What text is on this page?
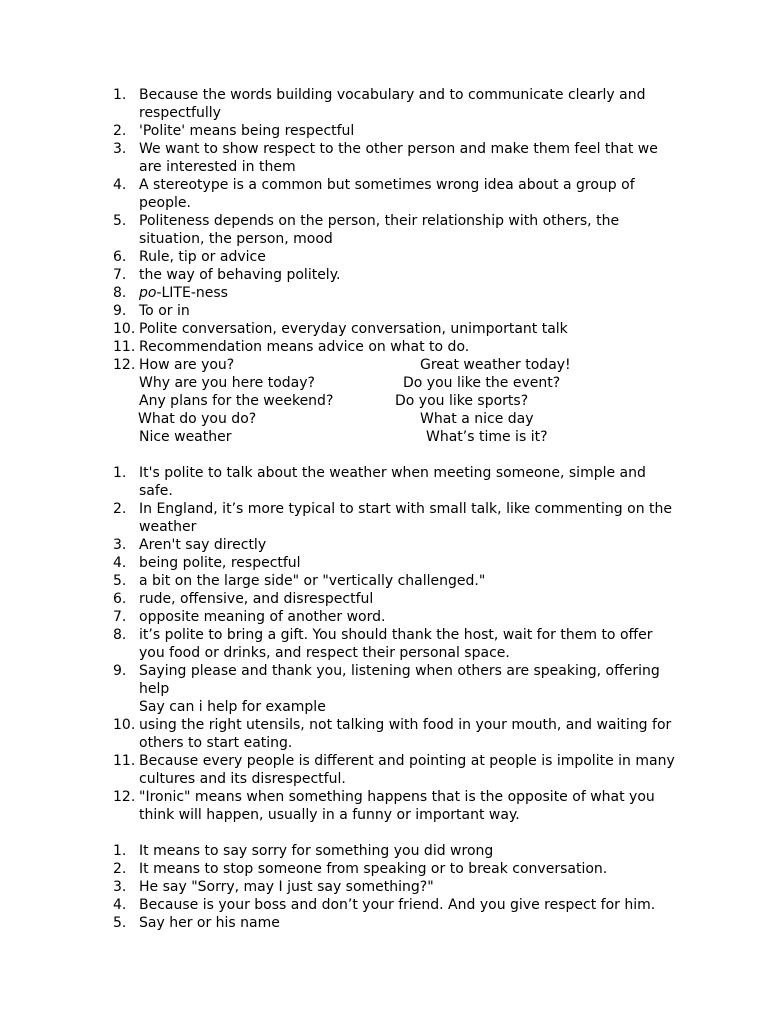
1. Because the words building vocabulary and to communicate clearly and respectfully
2. 'Polite' means being respectful
3. We want to show respect to the other person and make them feel that we are interested in them
4. A stereotype is a common but sometimes wrong idea about a group of people.
5. Politeness depends on the person, their relationship with others, the situation, the person, mood
6. Rule, tip or advice
7. the way of behaving politely.
8. po-LITE-ness
9. To or in
10. Polite conversation, everyday conversation, unimportant talk
11. Recommendation means advice on what to do.
12. How are you?	Great weather today!
Why are you here today?	Do you like the event?
Any plans for the weekend?	Do you like sports?
What do you do?	What a nice day
Nice weather	What’s time is it?
1. It's polite to talk about the weather when meeting someone, simple and safe.
2. In England, it’s more typical to start with small talk, like commenting on the weather
3. Aren't say directly
4. being polite, respectful
5. a bit on the large side" or "vertically challenged."
6. rude, offensive, and disrespectful
7. opposite meaning of another word.
8. it’s polite to bring a gift. You should thank the host, wait for them to offer you food or drinks, and respect their personal space.
9. Saying please and thank you, listening when others are speaking, offering help
Say can i help for example
10. using the right utensils, not talking with food in your mouth, and waiting for others to start eating.
11. Because every people is different and pointing at people is impolite in many cultures and its disrespectful.
12. "Ironic" means when something happens that is the opposite of what you think will happen, usually in a funny or important way.
1. It means to say sorry for something you did wrong
2. It means to stop someone from speaking or to break conversation.
3. He say "Sorry, may I just say something?"
4. Because is your boss and don’t your friend. And you give respect for him.
5. Say her or his name
